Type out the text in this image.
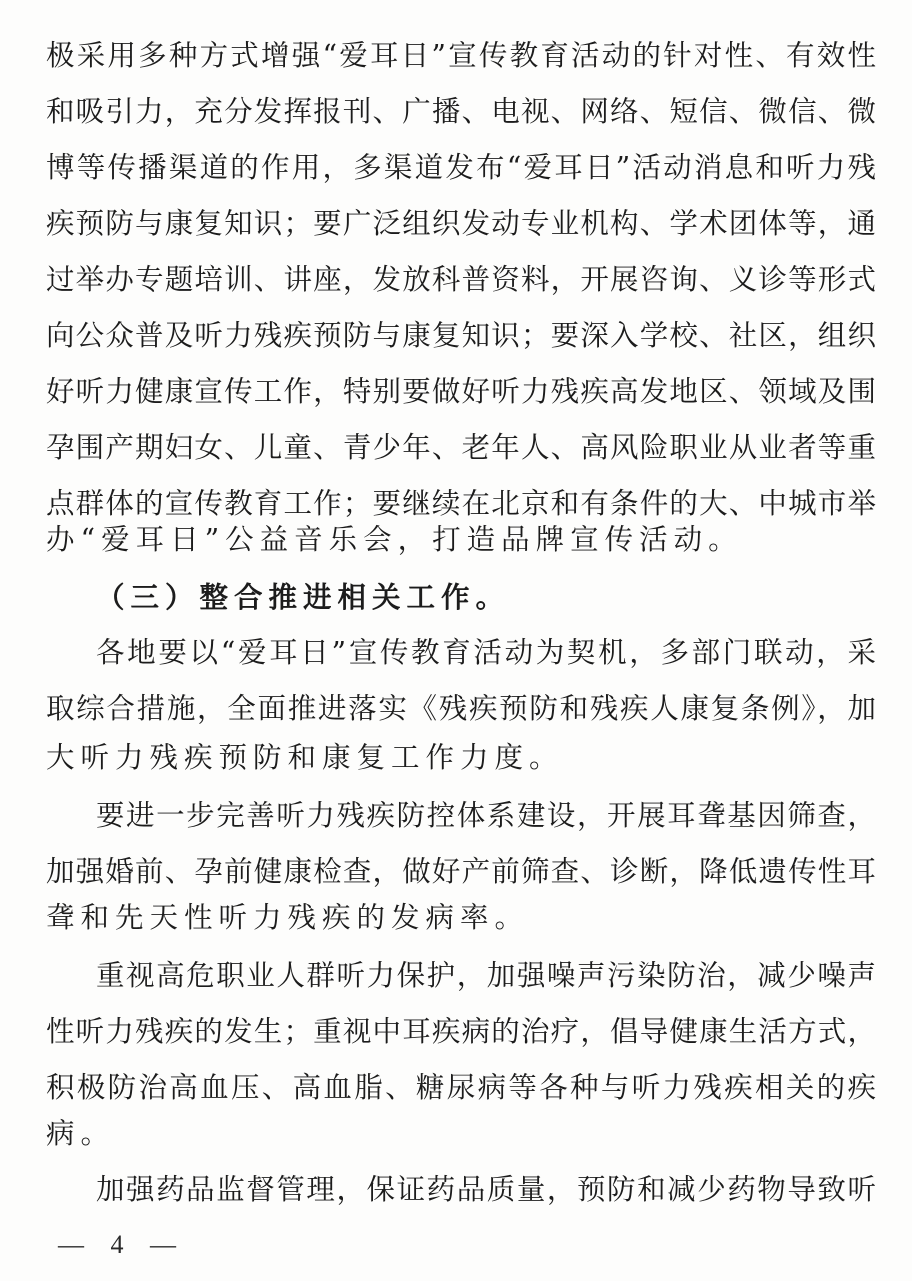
极采用多种方式增强“爱耳日”宣传教育活动的针对性、有效性
和吸引力，充分发挥报刊、广播、电视、网络、短信、微信、微
博等传播渠道的作用，多渠道发布“爱耳日”活动消息和听力残
疾预防与康复知识；要广泛组织发动专业机构、学术团体等，通
过举办专题培训、讲座，发放科普资料，开展咨询、义诊等形式
向公众普及听力残疾预防与康复知识；要深入学校、社区，组织
好听力健康宣传工作，特别要做好听力残疾高发地区、领域及围
孕围产期妇女、儿童、青少年、老年人、高风险职业从业者等重
点群体的宣传教育工作；要继续在北京和有条件的大、中城市举
办“爱耳日”公益音乐会，打造品牌宣传活动。
（三）整合推进相关工作。
各地要以“爱耳日”宣传教育活动为契机，多部门联动，采
取综合措施，全面推进落实《残疾预防和残疾人康复条例》，加
大听力残疾预防和康复工作力度。
要进一步完善听力残疾防控体系建设，开展耳聋基因筛查，
加强婚前、孕前健康检查，做好产前筛查、诊断，降低遗传性耳
聋和先天性听力残疾的发病率。
重视高危职业人群听力保护，加强噪声污染防治，减少噪声
性听力残疾的发生；重视中耳疾病的治疗，倡导健康生活方式，
积极防治高血压、高血脂、糖尿病等各种与听力残疾相关的疾
病。
加强药品监督管理，保证药品质量，预防和减少药物导致听
— 4 —
